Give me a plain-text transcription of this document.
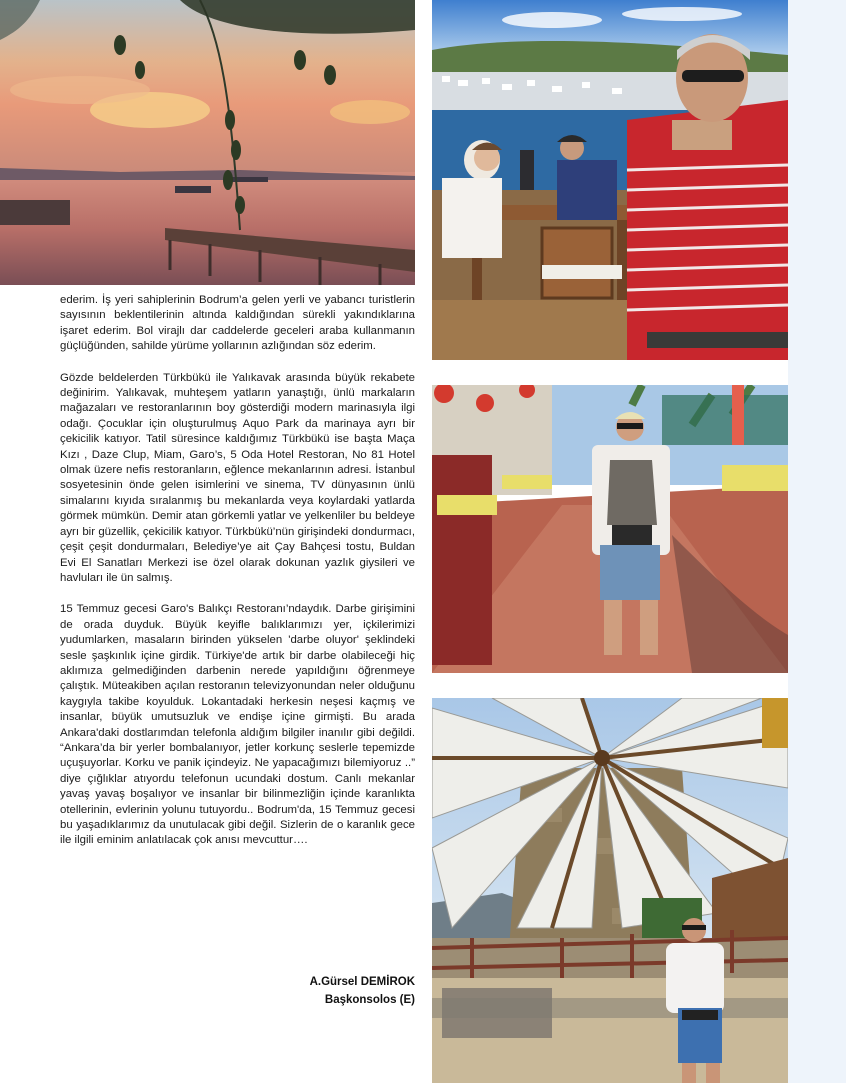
ederim. İş yeri sahiplerinin Bodrum’a gelen yerli ve yabancı turistlerin sayısının beklentilerinin altında kaldığından sürekli yakındıklarına işaret ederim. Bol virajlı dar caddelerde geceleri araba kullanmanın güçlüğünden, sahilde yürüme yollarının azlığından söz ederim.

Gözde beldelerden Türkbükü ile Yalıkavak arasında büyük rekabete değinirim. Yalıkavak, muhteşem yatların yanaştığı, ünlü markaların mağazaları ve restoranlarının boy gösterdiği modern marinasıyla ilgi odağı. Çocuklar için oluşturulmuş Aquo Park da marinaya ayrı bir çekicilik katıyor. Tatil süresince kaldığımız Türkbükü ise başta Maça Kızı , Daze Clup, Miam, Garo’s, 5 Oda Hotel Restoran, No 81 Hotel olmak üzere nefis restoranların, eğlence mekanlarının adresi. İstanbul sosyetesinin önde gelen isimlerini ve sinema, TV dünyasının ünlü simalarını kıyıda sıralanmış bu mekanlarda veya koylardaki yatlarda görmek mümkün. Demir atan görkemli yatlar ve yelkenliler bu beldeye ayrı bir güzellik, çekicilik katıyor. Türkbükü’nün girişindeki dondurmacı, çeşit çeşit dondurmaları, Belediye’ye ait Çay Bahçesi tostu, Buldan Evi El Sanatları Merkezi ise özel olarak dokunan yazlık giysileri ve havluları ile ün salmış.

15 Temmuz gecesi Garo's Balıkçı Restoranı’ndaydık. Darbe girişimini de orada duyduk. Büyük keyifle balıklarımızı yer, içkilerimizi yudumlarken, masaların birinden yükselen 'darbe oluyor' şeklindeki sesle şaşkınlık içine girdik. Türkiye'de artık bir darbe olabileceği hiç aklımıza gelmediğinden darbenin nerede yapıldığını öğrenmeye çalıştık. Müteakiben açılan restoranın televizyonundan neler olduğunu kaygıyla takibe koyulduk. Lokantadaki herkesin neşesi kaçmış ve insanlar, büyük umutsuzluk ve endişe içine girmişti. Bu arada Ankara'daki dostlarımdan telefonla aldığım bilgiler inanılır gibi değildi. “Ankara’da bir yerler bombalanıyor, jetler korkunç seslerle tepemizde uçuşuyorlar. Korku ve panik içindeyiz. Ne yapacağımızı bilemiyoruz ..” diye çığlıklar atıyordu telefonun ucundaki dostum. Canlı mekanlar yavaş yavaş boşalıyor ve insanlar bir bilinmezliğin içinde karanlıkta otellerinin, evlerinin yolunu tutuyordu.. Bodrum'da, 15 Temmuz gecesi bu yaşadıklarımız da unutulacak gibi değil. Sizlerin de o karanlık gece ile ilgili eminim anlatılacak çok anısı mevcuttur….

A.Gürsel DEMİROK
Başkonsolos (E)
